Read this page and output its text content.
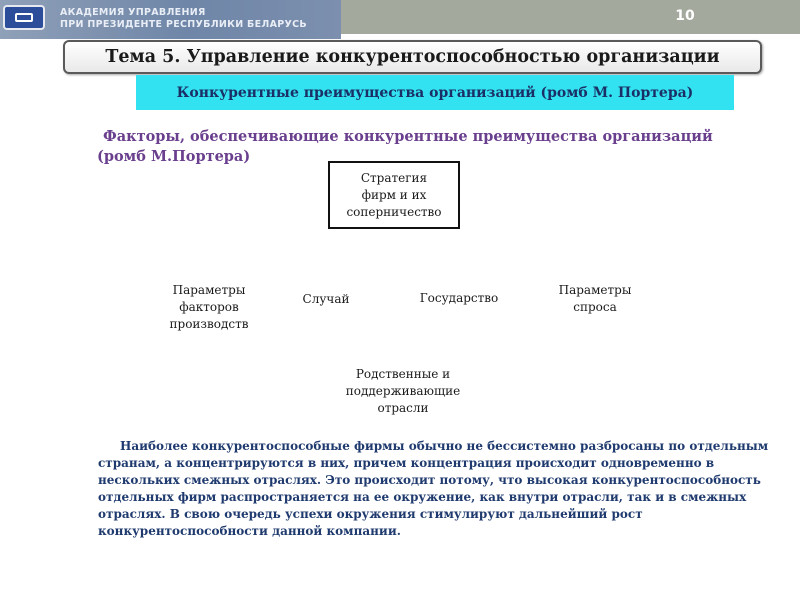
АКАДЕМИЯ УПРАВЛЕНИЯ
ПРИ ПРЕЗИДЕНТЕ РЕСПУБЛИКИ БЕЛАРУСЬ
10
Тема 5. Управление конкурентоспособностью организации
Конкурентные преимущества организаций (ромб М. Портера)
Факторы, обеспечивающие конкурентные преимущества организаций
(ромб М.Портера)
Стратегия
фирм и их
соперничество
Параметры
факторов
производств
Случай	Государство
Параметры
спроса
Родственные и
поддерживающие
отрасли
Наиболее конкурентоспособные фирмы обычно не бессистемно разбросаны по отдельным
странам, а концентрируются в них, причем концентрация происходит одновременно в
нескольких смежных отраслях. Это происходит потому, что высокая конкурентоспособность
отдельных фирм распространяется на ее окружение, как внутри отрасли, так и в смежных
отраслях. В свою очередь успехи окружения стимулируют дальнейший рост
конкурентоспособности данной компании.
